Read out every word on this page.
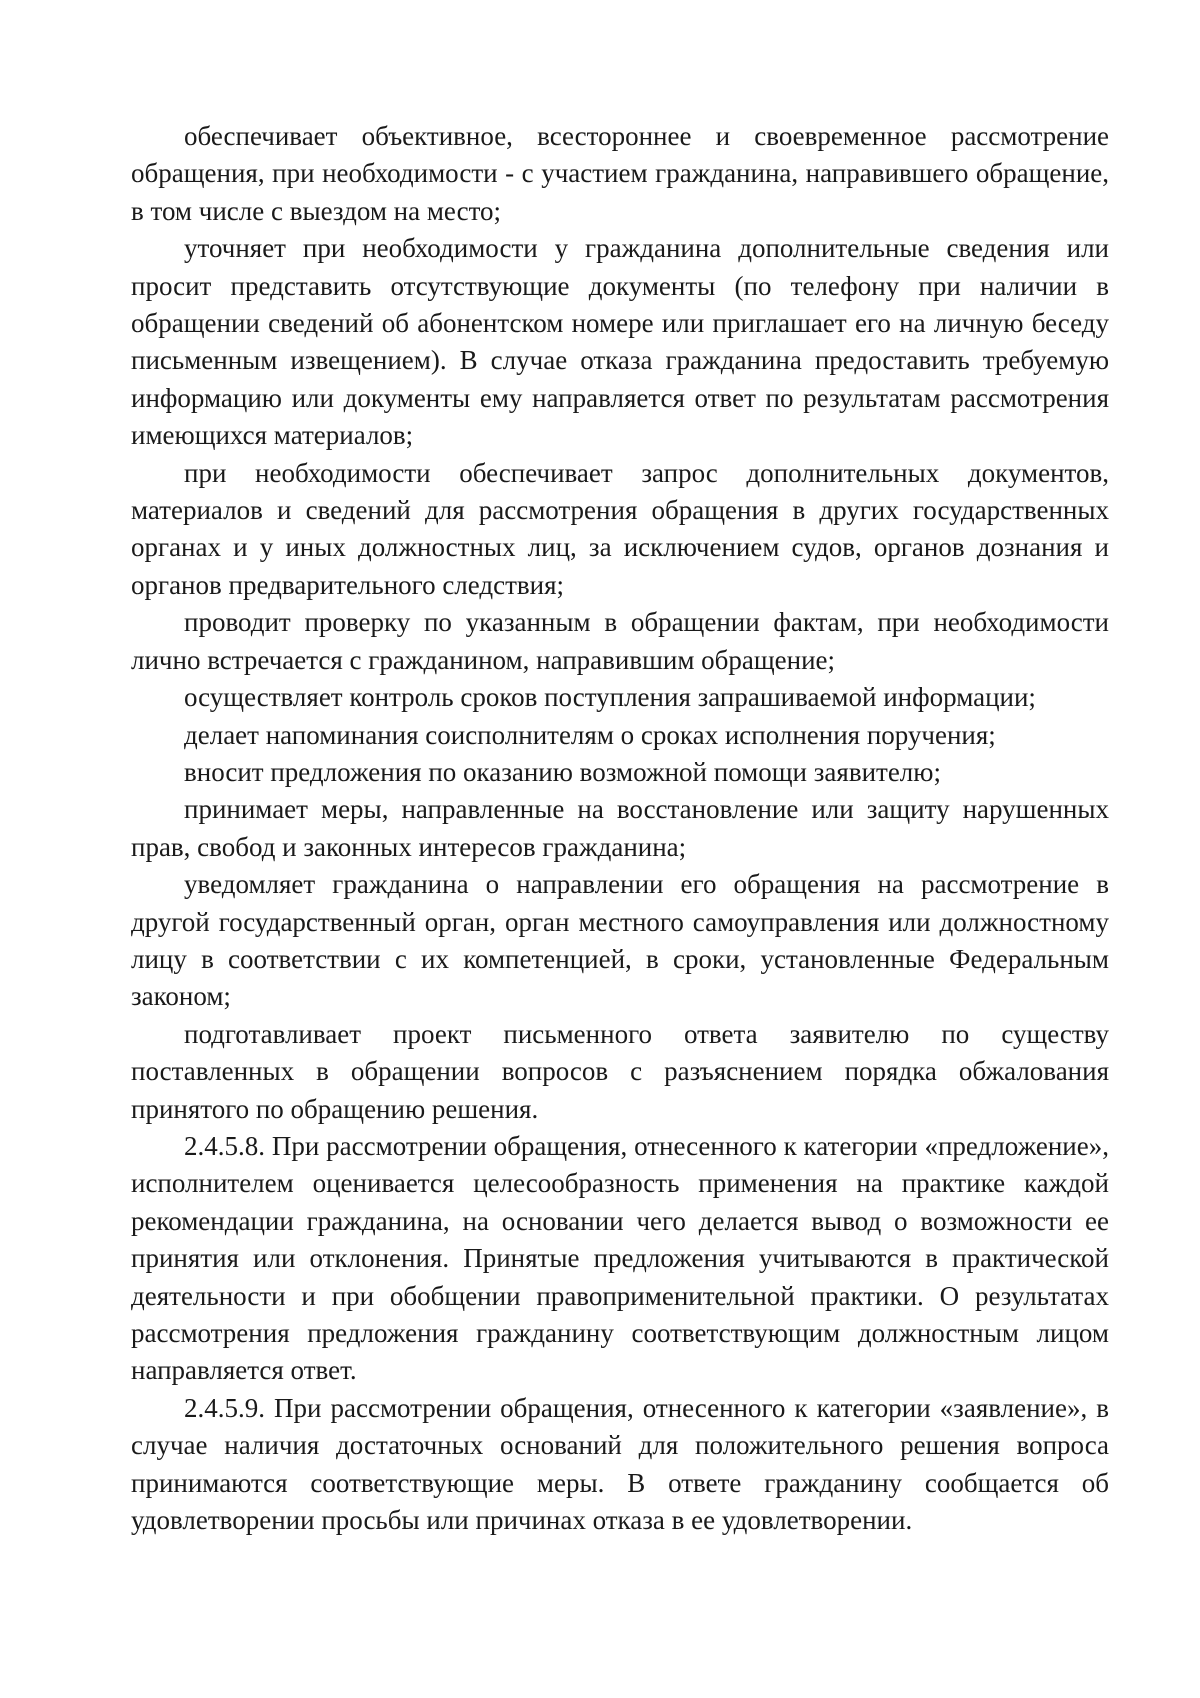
обеспечивает объективное, всестороннее и своевременное рассмотрение обращения, при необходимости - с участием гражданина, направившего обращение, в том числе с выездом на место;

уточняет при необходимости у гражданина дополнительные сведения или просит представить отсутствующие документы (по телефону при наличии в обращении сведений об абонентском номере или приглашает его на личную беседу письменным извещением). В случае отказа гражданина предоставить требуемую информацию или документы ему направляется ответ по результатам рассмотрения имеющихся материалов;

при необходимости обеспечивает запрос дополнительных документов, материалов и сведений для рассмотрения обращения в других государственных органах и у иных должностных лиц, за исключением судов, органов дознания и органов предварительного следствия;

проводит проверку по указанным в обращении фактам, при необходимости лично встречается с гражданином, направившим обращение;

осуществляет контроль сроков поступления запрашиваемой информации;

делает напоминания соисполнителям о сроках исполнения поручения;

вносит предложения по оказанию возможной помощи заявителю;

принимает меры, направленные на восстановление или защиту нарушенных прав, свобод и законных интересов гражданина;

уведомляет гражданина о направлении его обращения на рассмотрение в другой государственный орган, орган местного самоуправления или должностному лицу в соответствии с их компетенцией, в сроки, установленные Федеральным законом;

подготавливает проект письменного ответа заявителю по существу поставленных в обращении вопросов с разъяснением порядка обжалования принятого по обращению решения.

2.4.5.8. При рассмотрении обращения, отнесенного к категории «предложение», исполнителем оценивается целесообразность применения на практике каждой рекомендации гражданина, на основании чего делается вывод о возможности ее принятия или отклонения. Принятые предложения учитываются в практической деятельности и при обобщении правоприменительной практики. О результатах рассмотрения предложения гражданину соответствующим должностным лицом направляется ответ.

2.4.5.9. При рассмотрении обращения, отнесенного к категории «заявление», в случае наличия достаточных оснований для положительного решения вопроса принимаются соответствующие меры. В ответе гражданину сообщается об удовлетворении просьбы или причинах отказа в ее удовлетворении.
